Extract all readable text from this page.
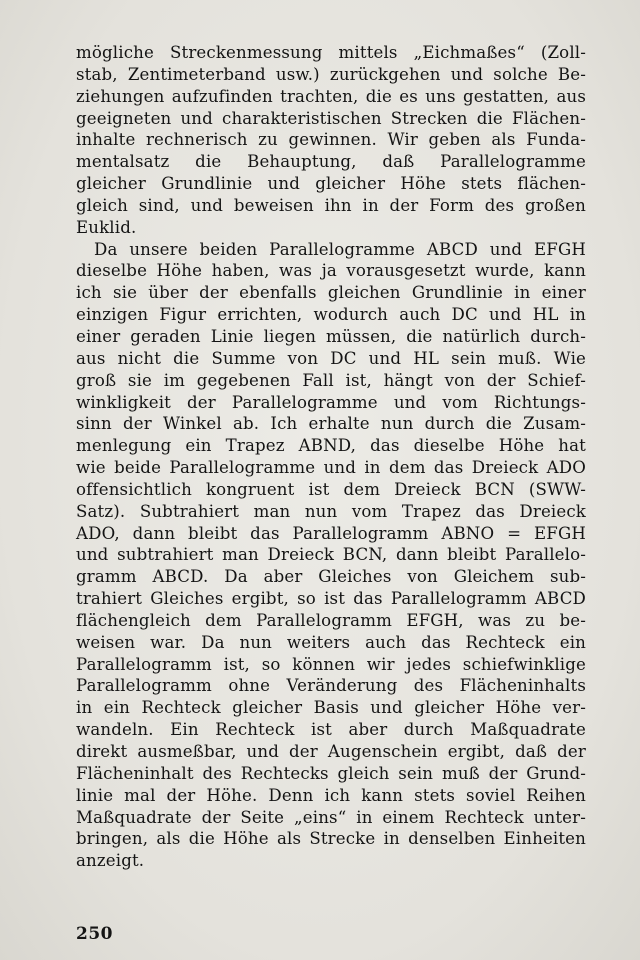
mögliche Streckenmessung mittels „Eichmaßes“ (Zoll-
stab, Zentimeterband usw.) zurückgehen und solche Be-
ziehungen aufzufinden trachten, die es uns gestatten, aus
geeigneten und charakteristischen Strecken die Flächen-
inhalte rechnerisch zu gewinnen. Wir geben als Funda-
mentalsatz die Behauptung, daß Parallelogramme
gleicher Grundlinie und gleicher Höhe stets flächen-
gleich sind, und beweisen ihn in der Form des großen
Euklid.
Da unsere beiden Parallelogramme ABCD und EFGH
dieselbe Höhe haben, was ja vorausgesetzt wurde, kann
ich sie über der ebenfalls gleichen Grundlinie in einer
einzigen Figur errichten, wodurch auch DC und HL in
einer geraden Linie liegen müssen, die natürlich durch-
aus nicht die Summe von DC und HL sein muß. Wie
groß sie im gegebenen Fall ist, hängt von der Schief-
winkligkeit der Parallelogramme und vom Richtungs-
sinn der Winkel ab. Ich erhalte nun durch die Zusam-
menlegung ein Trapez ABND, das dieselbe Höhe hat
wie beide Parallelogramme und in dem das Dreieck ADO
offensichtlich kongruent ist dem Dreieck BCN (SWW-
Satz). Subtrahiert man nun vom Trapez das Dreieck
ADO, dann bleibt das Parallelogramm ABNO = EFGH
und subtrahiert man Dreieck BCN, dann bleibt Parallelo-
gramm ABCD. Da aber Gleiches von Gleichem sub-
trahiert Gleiches ergibt, so ist das Parallelogramm ABCD
flächengleich dem Parallelogramm EFGH, was zu be-
weisen war. Da nun weiters auch das Rechteck ein
Parallelogramm ist, so können wir jedes schiefwinklige
Parallelogramm ohne Veränderung des Flächeninhalts
in ein Rechteck gleicher Basis und gleicher Höhe ver-
wandeln. Ein Rechteck ist aber durch Maßquadrate
direkt ausmeßbar, und der Augenschein ergibt, daß der
Flächeninhalt des Rechtecks gleich sein muß der Grund-
linie mal der Höhe. Denn ich kann stets soviel Reihen
Maßquadrate der Seite „eins“ in einem Rechteck unter-
bringen, als die Höhe als Strecke in denselben Einheiten
anzeigt.
250
